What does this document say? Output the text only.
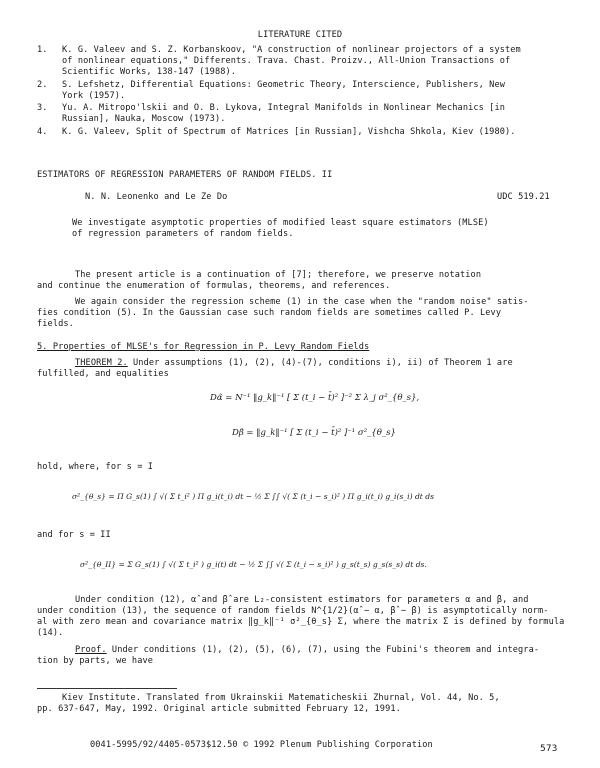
LITERATURE CITED
1. K. G. Valeev and S. Z. Korbanskoov, "A construction of nonlinear projectors of a system
of nonlinear equations," Differents. Trava. Chast. Proizv., All-Union Transactions of
Scientific Works, 138-147 (1988).
2. S. Lefshetz, Differential Equations: Geometric Theory, Interscience, Publishers, New
York (1957).
3. Yu. A. Mitropo'lskii and O. B. Lykova, Integral Manifolds in Nonlinear Mechanics [in
Russian], Nauka, Moscow (1973).
4. K. G. Valeev, Split of Spectrum of Matrices [in Russian], Vishcha Shkola, Kiev (1980).
ESTIMATORS OF REGRESSION PARAMETERS OF RANDOM FIELDS. II
N. N. Leonenko and Le Ze Do	UDC 519.21
We investigate asymptotic properties of modified least square estimators (MLSE)
of regression parameters of random fields.
The present article is a continuation of [7]; therefore, we preserve notation
and continue the enumeration of formulas, theorems, and references.
We again consider the regression scheme (1) in the case when the "random noise" satis-
fies condition (5). In the Gaussian case such random fields are sometimes called P. Levy
fields.
5. Properties of MLSE's for Regression in P. Levy Random Fields
THEOREM 2. Under assumptions (1), (2), (4)-(7), conditions i), ii) of Theorem 1 are
fulfilled, and equalities
Dα̂ = N⁻¹ ‖g_k‖⁻¹ [ Σ (t_i − t̄)² ]⁻² Σ λ_j σ²_{θ_s},
Dβ̂ = ‖g_k‖⁻¹ [ Σ (t_i − t̄)² ]⁻¹ σ²_{θ_s}
hold, where, for s = I
σ²_{θ_s} = Π G_s(1) ∫ √( Σ t_i² ) Π g_i(t_i) dt − ½ Σ ∫∫ √( Σ (t_i − s_i)² ) Π g_i(t_i) g_i(s_i) dt ds
and for s = II
σ²_{θ_II} = Σ G_s(1) ∫ √( Σ t_i² ) g_i(t) dt − ½ Σ ∫∫ √( Σ (t_i − s_i)² ) g_s(t_s) g_s(s_s) dt ds.
Under condition (12), α̂ and β̂ are L₂-consistent estimators for parameters α and β, and
under condition (13), the sequence of random fields N^{1/2}(α̂ − α, β̂ − β) is asymptotically norm-
al with zero mean and covariance matrix ‖g_k‖⁻¹ σ²_{θ_s} Σ, where the matrix Σ is defined by formula
(14).
Proof. Under conditions (1), (2), (5), (6), (7), using the Fubini's theorem and integra-
tion by parts, we have
Kiev Institute. Translated from Ukrainskii Matematicheskii Zhurnal, Vol. 44, No. 5,
pp. 637-647, May, 1992. Original article submitted February 12, 1991.
0041-5995/92/4405-0573$12.50 © 1992 Plenum Publishing Corporation	573
